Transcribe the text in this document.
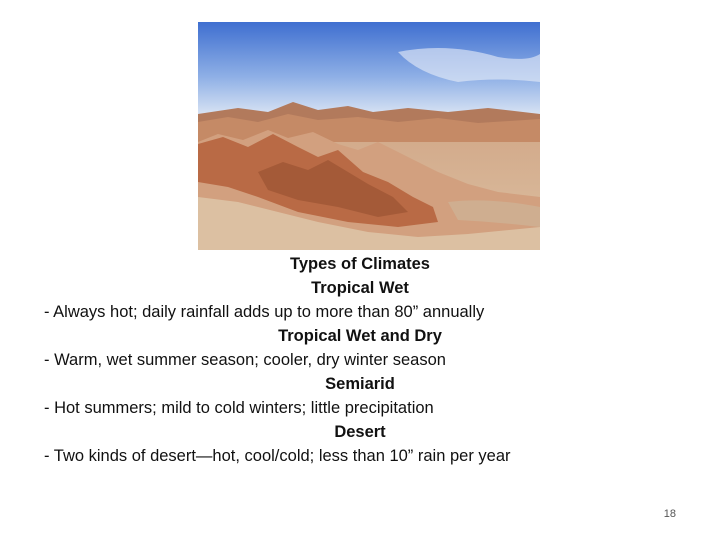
Types of Climates
Tropical Wet
- Always hot; daily rainfall adds up to more than 80” annually
Tropical Wet and Dry
- Warm, wet summer season; cooler, dry winter season
Semiarid
- Hot summers; mild to cold winters; little precipitation
Desert
- Two kinds of desert—hot, cool/cold; less than 10” rain per year
18
